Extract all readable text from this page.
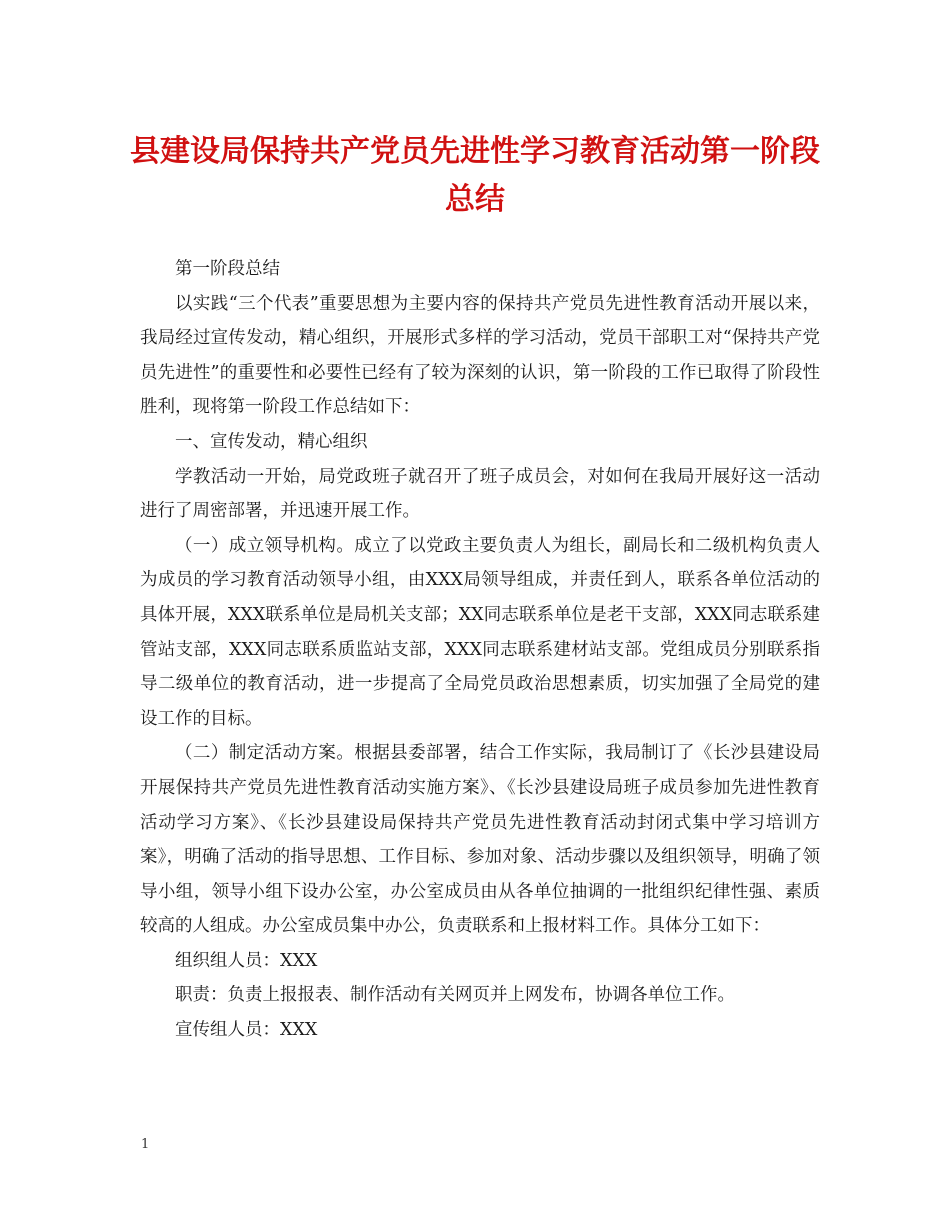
县建设局保持共产党员先进性学习教育活动第一阶段总结

第一阶段总结

以实践“三个代表”重要思想为主要内容的保持共产党员先进性教育活动开展以来，我局经过宣传发动，精心组织，开展形式多样的学习活动，党员干部职工对“保持共产党员先进性”的重要性和必要性已经有了较为深刻的认识，第一阶段的工作已取得了阶段性胜利，现将第一阶段工作总结如下：

一、宣传发动，精心组织

学教活动一开始，局党政班子就召开了班子成员会，对如何在我局开展好这一活动进行了周密部署，并迅速开展工作。

（一）成立领导机构。成立了以党政主要负责人为组长，副局长和二级机构负责人为成员的学习教育活动领导小组，由XXX局领导组成，并责任到人，联系各单位活动的具体开展，XXX联系单位是局机关支部；XX同志联系单位是老干支部，XXX同志联系建管站支部，XXX同志联系质监站支部，XXX同志联系建材站支部。党组成员分别联系指导二级单位的教育活动，进一步提高了全局党员政治思想素质，切实加强了全局党的建设工作的目标。

（二）制定活动方案。根据县委部署，结合工作实际，我局制订了《长沙县建设局开展保持共产党员先进性教育活动实施方案》、《长沙县建设局班子成员参加先进性教育活动学习方案》、《长沙县建设局保持共产党员先进性教育活动封闭式集中学习培训方案》，明确了活动的指导思想、工作目标、参加对象、活动步骤以及组织领导，明确了领导小组，领导小组下设办公室，办公室成员由从各单位抽调的一批组织纪律性强、素质较高的人组成。办公室成员集中办公，负责联系和上报材料工作。具体分工如下：

组织组人员：XXX

职责：负责上报报表、制作活动有关网页并上网发布，协调各单位工作。

宣传组人员：XXX

1
